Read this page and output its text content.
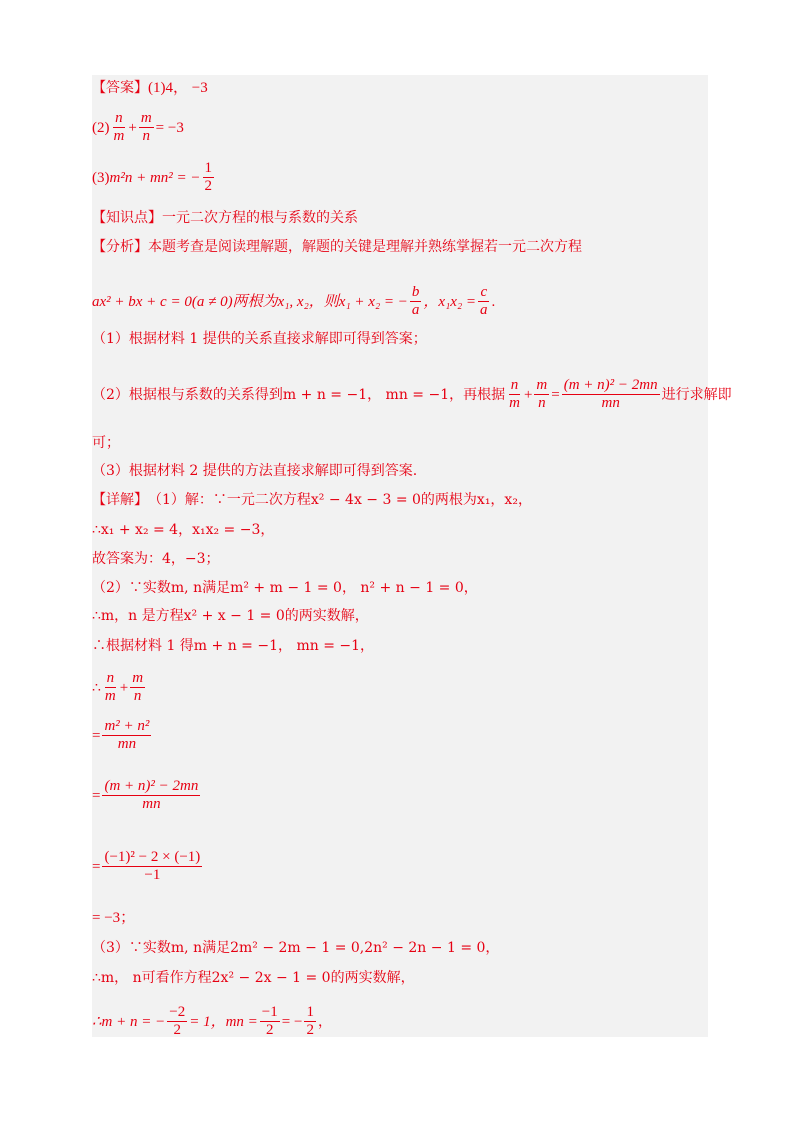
【答案】 (1)4， −3
$(2) \frac{n}{m} + \frac{m}{n} = -3$
(3) m²n + mn² = − $\frac{1}{2}$
【知识点】 一元二次方程的根与系数的关系
【分析】 本题考查是阅读理解题，解题的关键是理解并熟练掌握若一元二次方程
ax² + bx + c = 0(a ≠ 0)两根为x₁, x₂，则x₁ + x₂ = − $\frac{b}{a}$ ，$x_1x_2 = \frac{c}{a}$ .
（1）根据材料 1 提供的关系直接求解即可得到答案；
（2）根据根与系数的关系得到m + n = −1， mn = −1，再根据 $\frac{n}{m} + \frac{m}{n} = \frac{\text{(m + n)² − 2mn}}{mn}$ 进行求解即
可；
（3）根据材料 2 提供的方法直接求解即可得到答案.
【详解】 （1）解：∵一元二次方程x² − 4x − 3 = 0的两根为x₁，x₂，
∴x₁ + x₂ = 4，x₁x₂ = −3，
故答案为：4，−3；
（2）∵实数m, n满足m² + m − 1 = 0， n² + n − 1 = 0，
∴m，n 是方程x² + x − 1 = 0的两实数解，
∴根据材料 1 得m + n = −1， mn = −1，
∴ $\frac{n}{m} + \frac{m}{n}$
= $\frac{\text{m² + n²}}{mn}$
= $\frac{\text{(m + n)² − 2mn}}{mn}$
= $\frac{\text{(−1)² − 2 × (−1)}}{-1}$
= −3；
（3）∵实数m, n满足2m² − 2m − 1 = 0,2n² − 2n − 1 = 0，
∴m， n可看作方程2x² − 2x − 1 = 0的两实数解，
∴m + n = − $\frac{-2}{2} = 1$，mn = $\frac{-1}{2}$ = − $\frac{1}{2}$ ，
